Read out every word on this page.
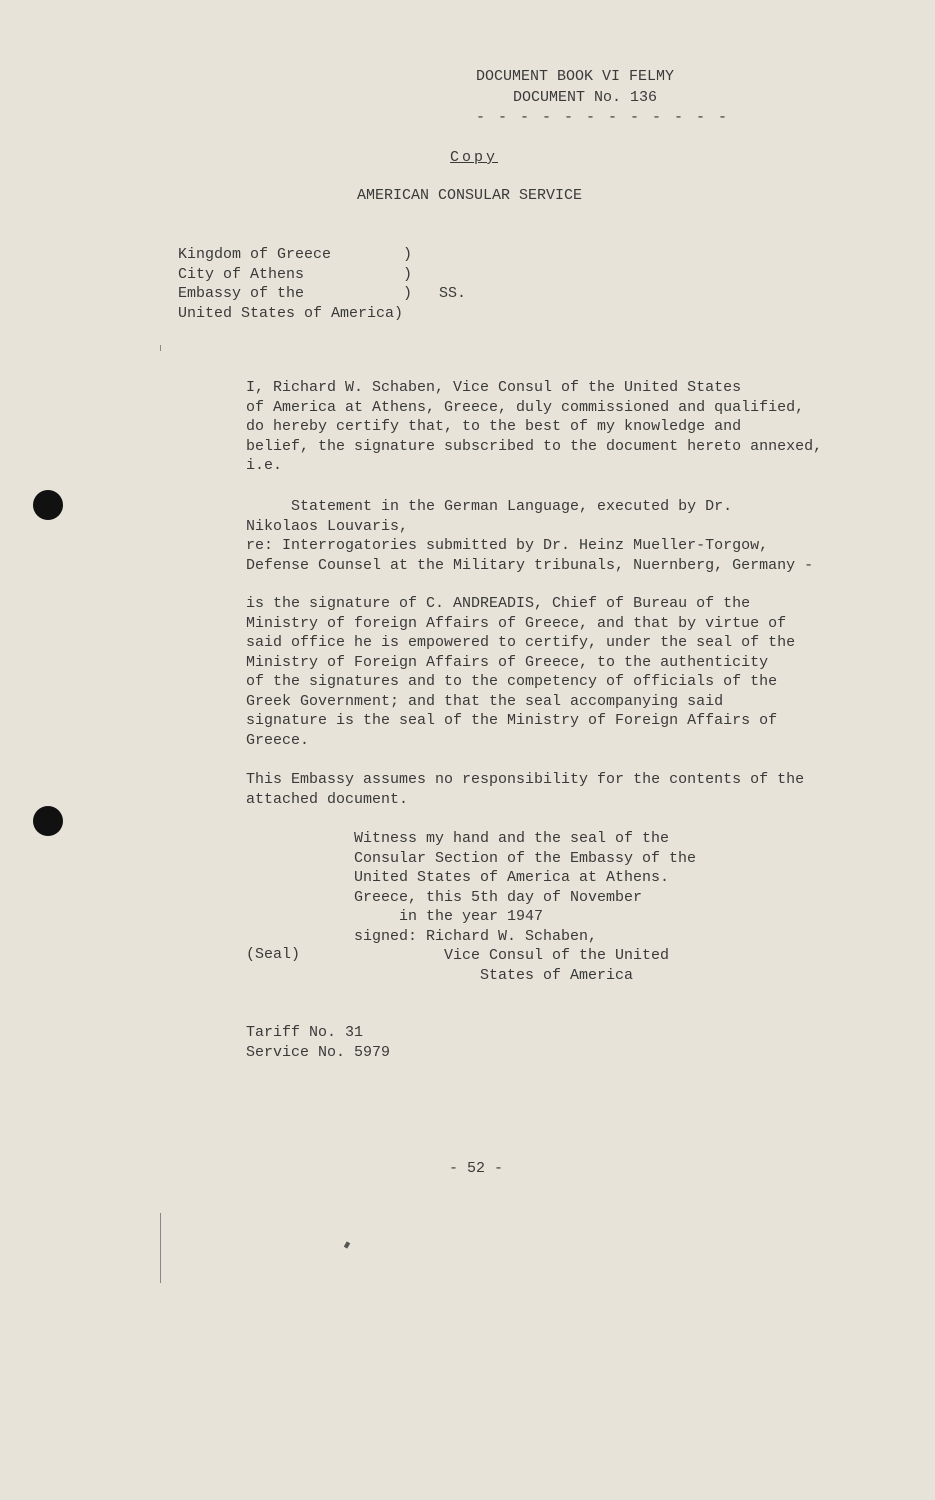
DOCUMENT BOOK VI FELMY
DOCUMENT No. 136
- - - - - - - - - - - -
Copy
AMERICAN CONSULAR SERVICE
Kingdom of Greece        )
City of Athens           )
Embassy of the           )   SS.
United States of America)
I, Richard W. Schaben, Vice Consul of the United States
of America at Athens, Greece, duly commissioned and qualified,
do hereby certify that, to the best of my knowledge and
belief, the signature subscribed to the document hereto annexed,
i.e.
Statement in the German Language, executed by Dr.
Nikolaos Louvaris,
re: Interrogatories submitted by Dr. Heinz Mueller-Torgow,
Defense Counsel at the Military tribunals, Nuernberg, Germany -
is the signature of C. ANDREADIS, Chief of Bureau of the
Ministry of foreign Affairs of Greece, and that by virtue of
said office he is empowered to certify, under the seal of the
Ministry of Foreign Affairs of Greece, to the authenticity
of the signatures and to the competency of officials of the
Greek Government; and that the seal accompanying said
signature is the seal of the Ministry of Foreign Affairs of
Greece.
This Embassy assumes no responsibility for the contents of the
attached document.
Witness my hand and the seal of the
Consular Section of the Embassy of the
United States of America at Athens.
Greece, this 5th day of November
in the year 1947
signed: Richard W. Schaben,
Vice Consul of the United
States of America
(Seal)
Tariff No. 31
Service No. 5979
- 52 -
